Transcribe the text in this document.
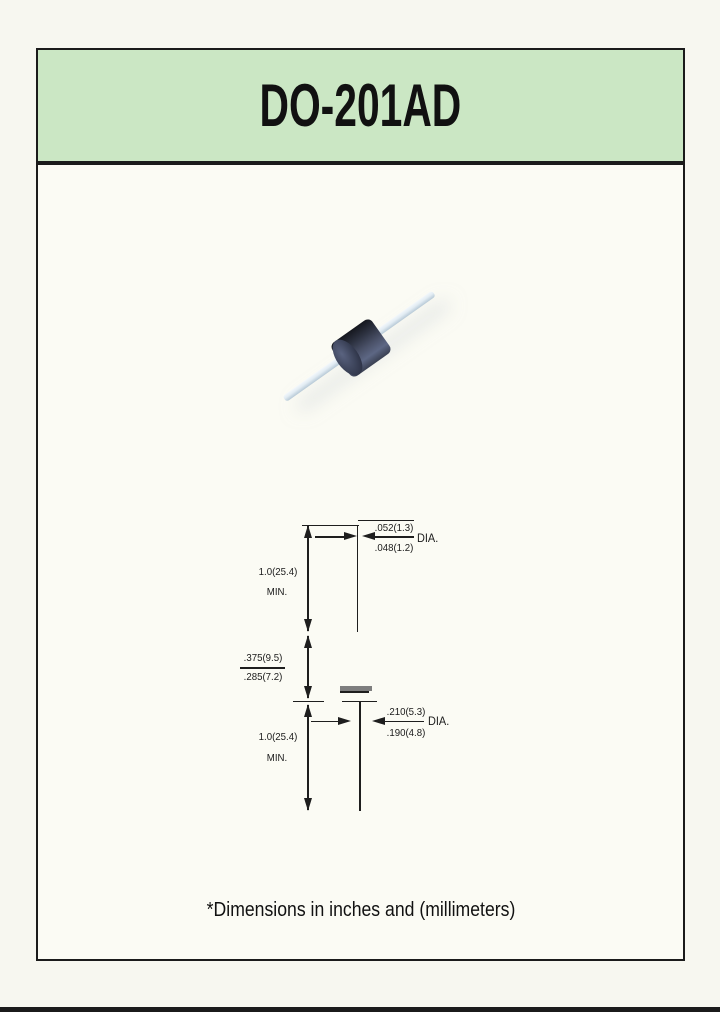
DO-201AD
.052(1.3)
.048(1.2)
DIA.
1.0(25.4)
MIN.
.375(9.5)
.285(7.2)
.210(5.3)
.190(4.8)
DIA.
1.0(25.4)
MIN.

*Dimensions in inches and (millimeters)
